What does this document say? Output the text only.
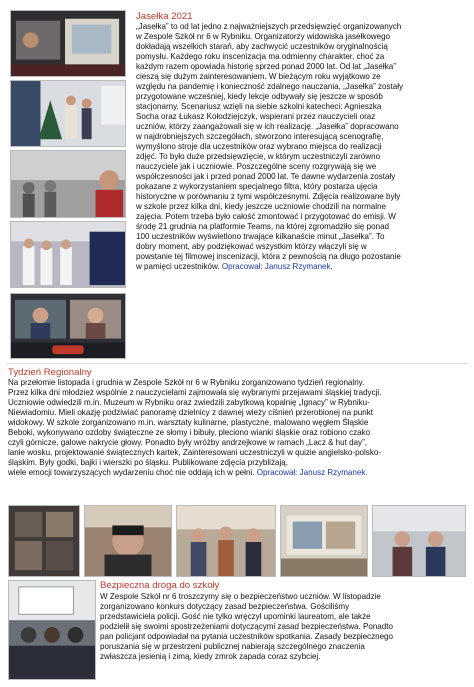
Jasełka 2021
„Jasełka” to od lat jedno z najważniejszych przedsięwzięć organizowanych
w Zespole Szkół nr 6 w Rybniku. Organizatorzy widowiska jasełkowego
dokładają wszelkich starań, aby zachwycić uczestników oryginalnością
pomysłu. Każdego roku inscenizacja ma odmienny charakter, choć za
każdym razem opowiada historię sprzed ponad 2000 lat. Od lat „Jasełka”
cieszą się dużym zainteresowaniem. W bieżącym roku wyjątkowo ze
względu na pandemię i konieczność zdalnego nauczania, „Jasełka” zostały
przygotowane wcześniej, kiedy lekcje odbywały się jeszcze w sposób
stacjonarny. Scenariusz wzięli na siebie szkolni katecheci: Agnieszka
Socha oraz Łukasz Kołodziejczyk, wspierani przez nauczycieli oraz
uczniów, którzy zaangażowali się w ich realizację. „Jasełka” dopracowano
w najdrobniejszych szczegółach, stworzono interesującą scenografię,
wymyślono stroje dla uczestników oraz wybrano miejsca do realizacji
zdjęć. To było duże przedsięwzięcie, w którym uczestniczyli zarówno
nauczyciele jak i uczniowie. Poszczególne sceny rozgrywają się we
współczesności jak i przed ponad 2000 lat. Te dawne wydarzenia zostały
pokazane z wykorzystaniem specjalnego filtra, który postarza ujęcia
historyczne w porównaniu z tymi współczesnymi. Zdjęcia realizowane były
w szkole przez kilka dni, kiedy jeszcze uczniowie chodzili na normalne
zajęcia. Potem trzeba było całość zmontować i przygotować do emisji. W
środę 21 grudnia na platformie Teams, na której zgromadziło się ponad
100 uczestników wyświetlono trwające kilkanaście minut „Jasełka”. To
dobry moment, aby podziękować wszystkim którzy włączyli się w
powstanie tej filmowej inscenizacji, która z pewnością na długo pozostanie
w pamięci uczestników. Opracował: Janusz Rzymanek.
Tydzień Regionalny
Na przełomie listopada i grudnia w Zespole Szkół nr 6 w Rybniku zorganizowano tydzień regionalny.
Przez kilka dni młodzież wspólnie z nauczycielami zajmowała się wybranymi przejawami śląskiej tradycji.
Uczniowie odwiedzili m.in. Muzeum w Rybniku oraz zwiedzili zabytkową kopalnię „Ignacy” w Rybniku-
Niewiadomiu. Mieli okazję podziwiać panoramę dzielnicy z dawnej wieży ciśnień przerobionej na punkt
widokowy. W szkole zorganizowano m.in. warsztaty kulinarne, plastyczne, malowano węgłem Śląskie
Beboki, wykonywano ozdoby świąteczne ze słomy i bibuły, pleciono wianki śląskie oraz robiono czako
czyli górnicze, galowe nakrycie głowy. Ponadto były wróżby andrzejkowe w ramach „Lacz & hut day”,
lanie wosku, projektowanie świątecznych kartek, Zainteresowani uczestniczyli w quizie angielsko-polsko-
śląskim. Były godki, bajki i wierszki po śląsku. Publikowane zdjęcia przybliżają,
wiele emocji towarzyszących wydarzeniu choć nie oddają ich w pełni. Opracował: Janusz Rzymanek.
Bezpieczna droga do szkoły
W Zespole Szkół nr 6 troszczymy się o bezpieczeństwo uczniów. W listopadzie
zorganizowano konkurs dotyczący zasad bezpieczeństwa. Gościliśmy
przedstawiciela policji. Gość nie tylko wręczył upominki laureatom, ale także
podzielił się swoimi spostrzeżeniami dotyczącymi zasad bezpieczeństwa. Ponadto
pan policjant odpowiadał na pytania uczestników spotkania. Zasady bezpiecznego
poruszania się w przestrzeni publicznej nabierają szczególnego znaczenia
zwłaszcza jesienią i zimą, kiedy zmrok zapada coraz szybciej.
